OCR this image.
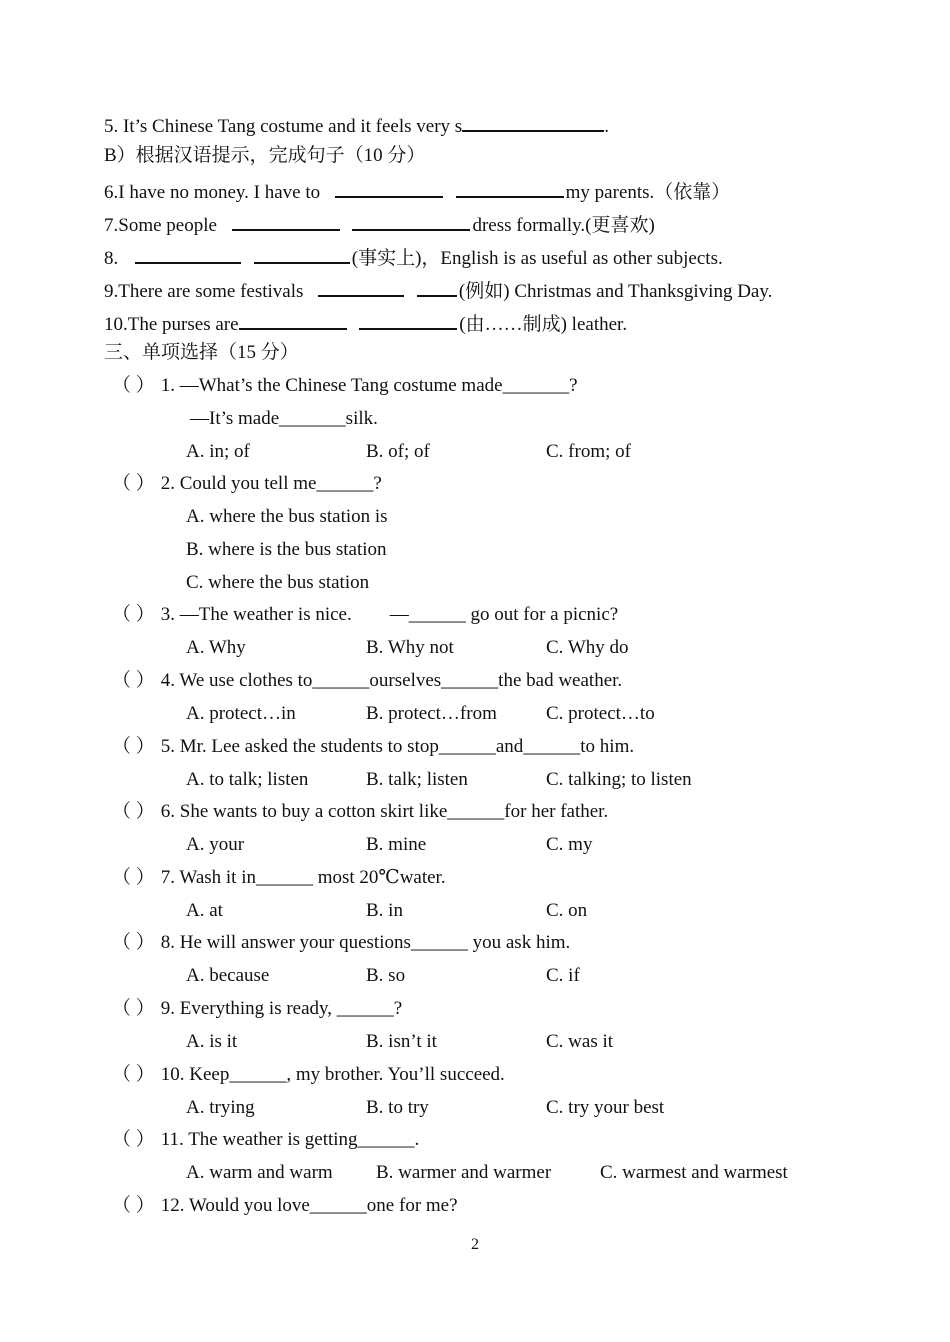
5. It’s Chinese Tang costume and it feels very s	.
B）根据汉语提示，完成句子（10 分）
6.I have no money. I have to	my parents.（依靠）
7.Some people	dress formally.(更喜欢)
8.	(事实上)，English is as useful as other subjects.
9.There are some festivals	(例如) Christmas and Thanksgiving Day.
10.The purses are	(由……制成) leather.
三、单项选择（15 分）
（ ） 1. —What’s the Chinese Tang costume made_______?
—It’s made_______silk.
A. in; of	B. of; of	C. from; of
（ ） 2. Could you tell me______?
A. where the bus station is
B. where is the bus station
C. where the bus station
（ ） 3. —The weather is nice.        —______ go out for a picnic?
A. Why	B. Why not	C. Why do
（ ） 4. We use clothes to______ourselves______the bad weather.
A. protect…in	B. protect…from	C. protect…to
（ ） 5. Mr. Lee asked the students to stop______and______to him.
A. to talk; listen	B. talk; listen	C. talking; to listen
（ ） 6. She wants to buy a cotton skirt like______for her father.
A. your	B. mine	C. my
（ ） 7. Wash it in______ most 20℃water.
A. at	B. in	C. on
（ ） 8. He will answer your questions______ you ask him.
A. because	B. so	C. if
（ ） 9. Everything is ready, ______?
A. is it	B. isn’t it	C. was it
（ ） 10. Keep______, my brother. You’ll succeed.
A. trying	B. to try	C. try your best
（ ） 11. The weather is getting______.
A. warm and warm B. warmer and warmer	C. warmest and warmest
（ ） 12. Would you love______one for me?
2
